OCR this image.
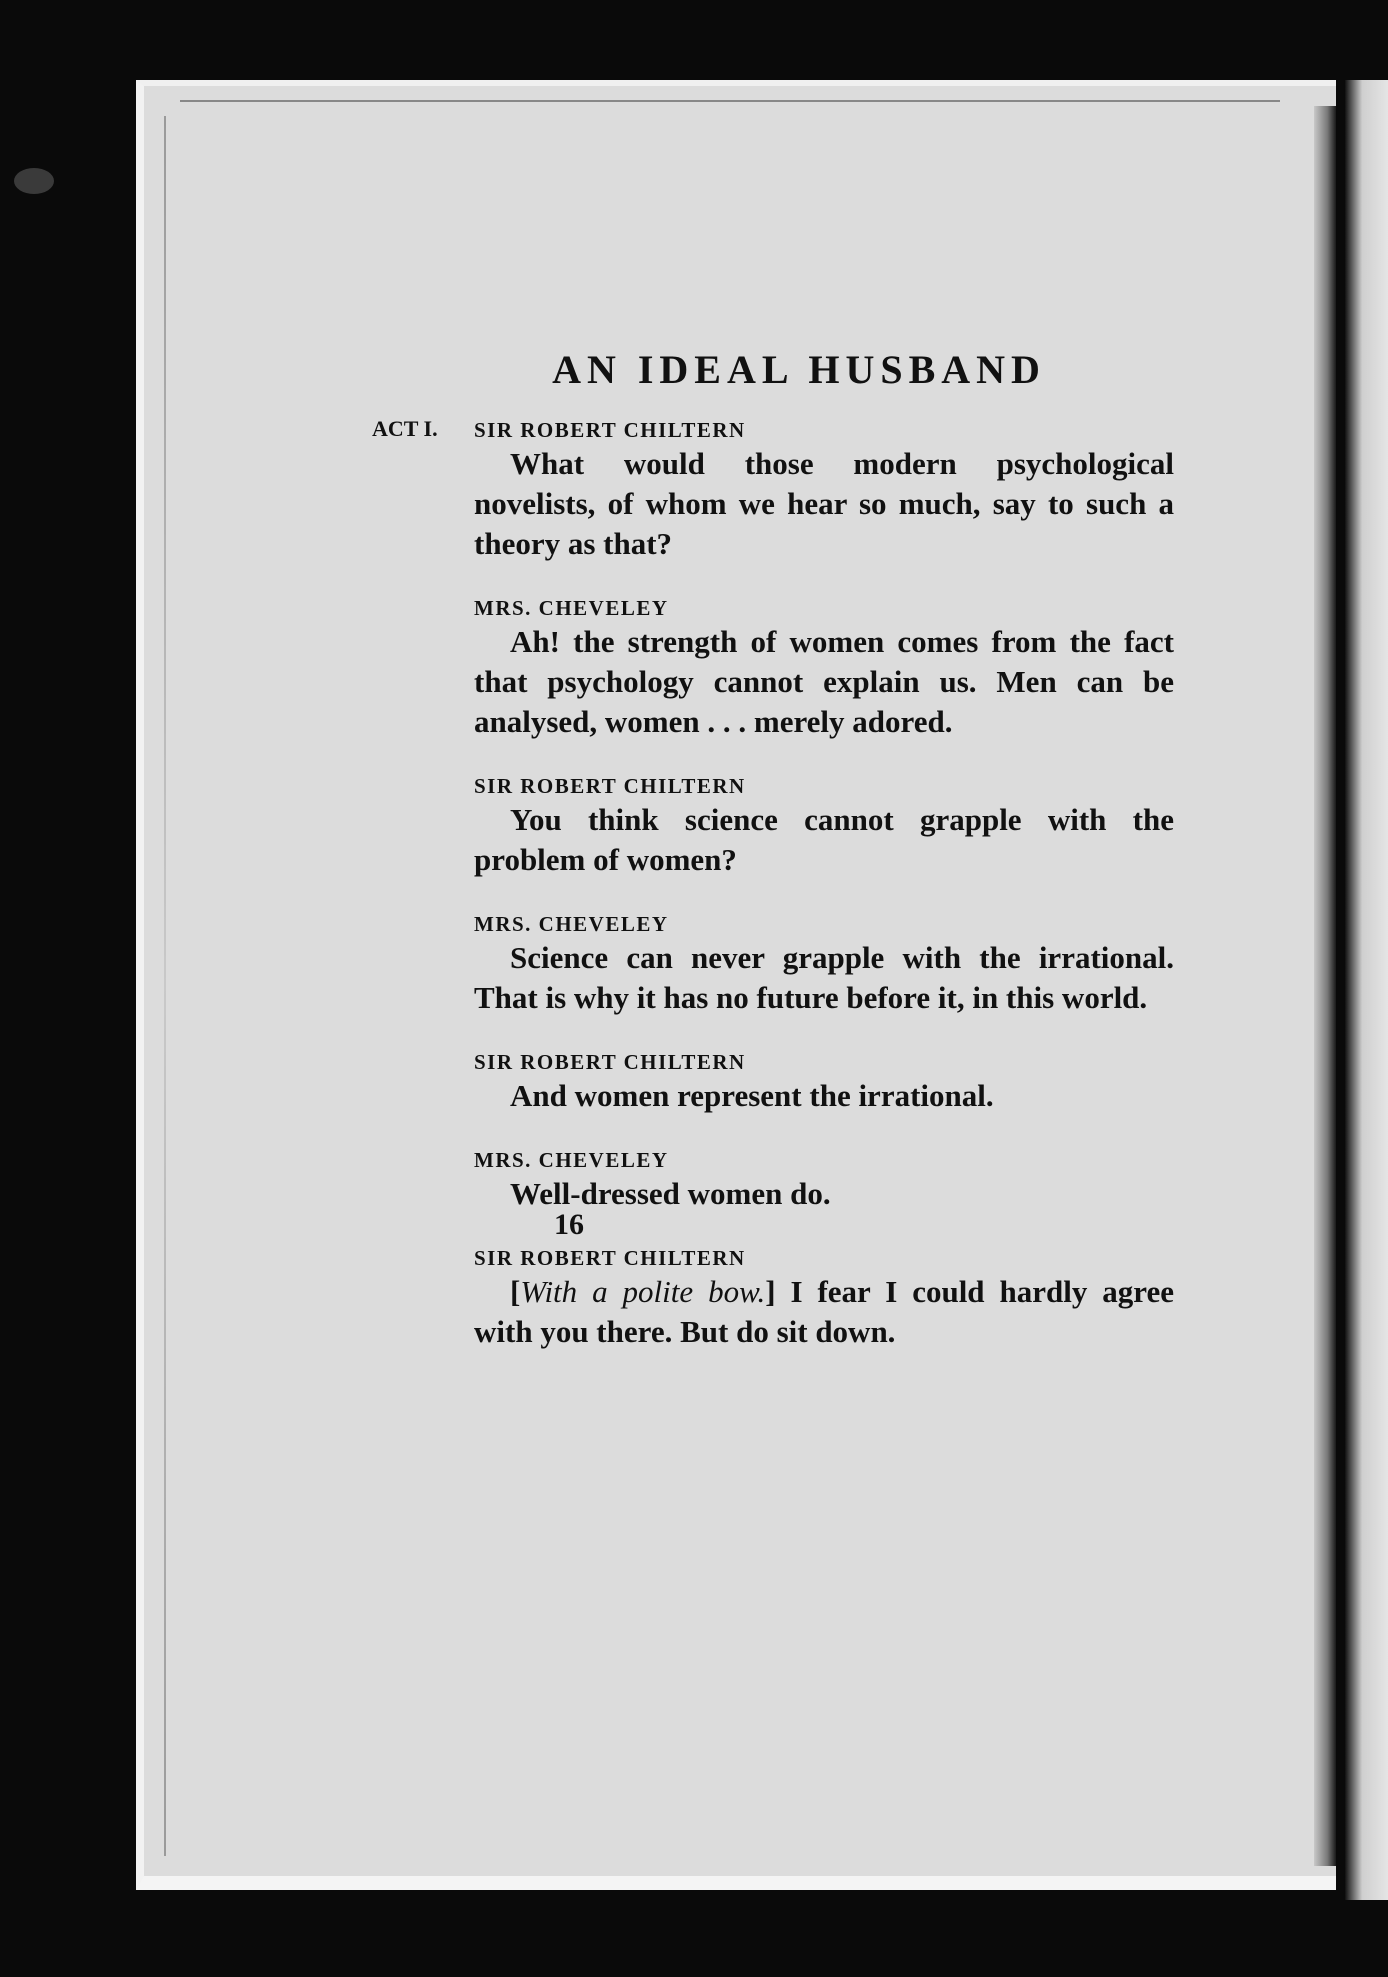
AN IDEAL HUSBAND
ACT I. SIR ROBERT CHILTERN

What would those modern psychological novelists, of whom we hear so much, say to such a theory as that?

MRS. CHEVELEY

Ah! the strength of women comes from the fact that psychology cannot explain us. Men can be analysed, women . . . merely adored.

SIR ROBERT CHILTERN

You think science cannot grapple with the problem of women?

MRS. CHEVELEY

Science can never grapple with the irrational. That is why it has no future before it, in this world.

SIR ROBERT CHILTERN

And women represent the irrational.

MRS. CHEVELEY

Well-dressed women do.

SIR ROBERT CHILTERN

[With a polite bow.] I fear I could hardly agree with you there. But do sit down.

16
